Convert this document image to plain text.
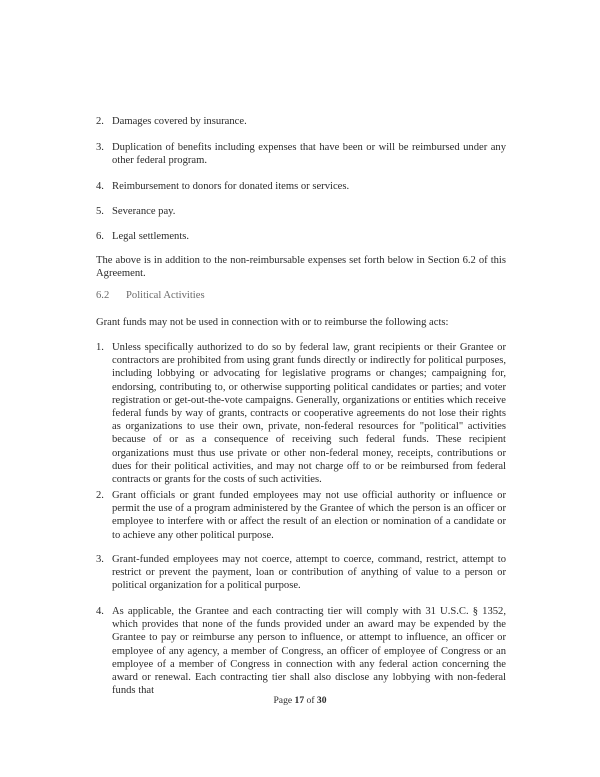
2. Damages covered by insurance.
3. Duplication of benefits including expenses that have been or will be reimbursed under any other federal program.
4. Reimbursement to donors for donated items or services.
5. Severance pay.
6. Legal settlements.
The above is in addition to the non-reimbursable expenses set forth below in Section 6.2 of this Agreement.
6.2 Political Activities
Grant funds may not be used in connection with or to reimburse the following acts:
1. Unless specifically authorized to do so by federal law, grant recipients or their Grantee or contractors are prohibited from using grant funds directly or indirectly for political purposes, including lobbying or advocating for legislative programs or changes; campaigning for, endorsing, contributing to, or otherwise supporting political candidates or parties; and voter registration or get-out-the-vote campaigns. Generally, organizations or entities which receive federal funds by way of grants, contracts or cooperative agreements do not lose their rights as organizations to use their own, private, non-federal resources for "political" activities because of or as a consequence of receiving such federal funds. These recipient organizations must thus use private or other non-federal money, receipts, contributions or dues for their political activities, and may not charge off to or be reimbursed from federal contracts or grants for the costs of such activities.
2. Grant officials or grant funded employees may not use official authority or influence or permit the use of a program administered by the Grantee of which the person is an officer or employee to interfere with or affect the result of an election or nomination of a candidate or to achieve any other political purpose.
3. Grant-funded employees may not coerce, attempt to coerce, command, restrict, attempt to restrict or prevent the payment, loan or contribution of anything of value to a person or political organization for a political purpose.
4. As applicable, the Grantee and each contracting tier will comply with 31 U.S.C. § 1352, which provides that none of the funds provided under an award may be expended by the Grantee to pay or reimburse any person to influence, or attempt to influence, an officer or employee of any agency, a member of Congress, an officer of employee of Congress or an employee of a member of Congress in connection with any federal action concerning the award or renewal. Each contracting tier shall also disclose any lobbying with non-federal funds that
Page 17 of 30
